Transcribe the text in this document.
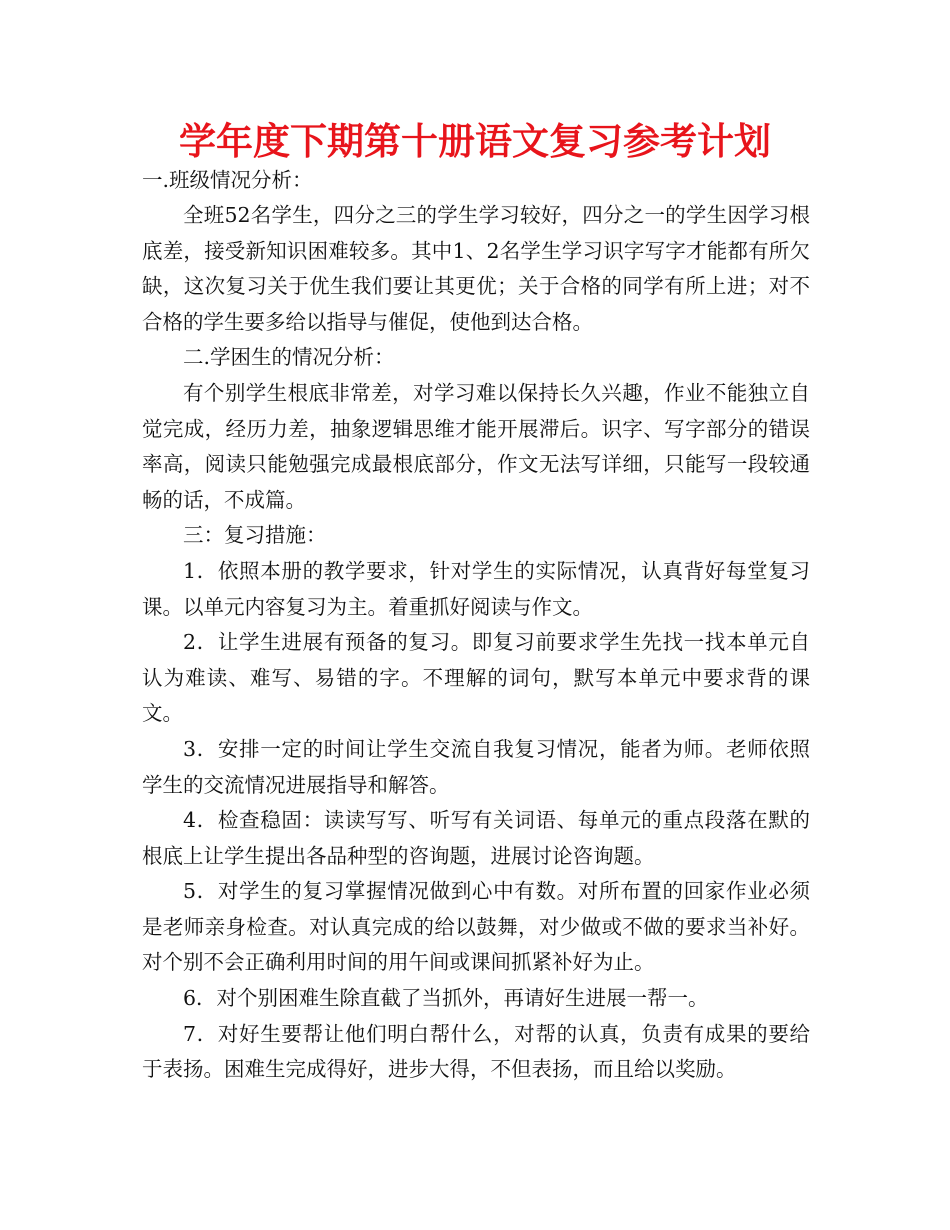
学年度下期第十册语文复习参考计划

一.班级情况分析：

全班52名学生，四分之三的学生学习较好，四分之一的学生因学习根底差，接受新知识困难较多。其中1、2名学生学习识字写字才能都有所欠缺，这次复习关于优生我们要让其更优；关于合格的同学有所上进；对不合格的学生要多给以指导与催促，使他到达合格。

二.学困生的情况分析：

有个别学生根底非常差，对学习难以保持长久兴趣，作业不能独立自觉完成，经历力差，抽象逻辑思维才能开展滞后。识字、写字部分的错误率高，阅读只能勉强完成最根底部分，作文无法写详细，只能写一段较通畅的话，不成篇。

三：复习措施：

1．依照本册的教学要求，针对学生的实际情况，认真背好每堂复习课。以单元内容复习为主。着重抓好阅读与作文。

2．让学生进展有预备的复习。即复习前要求学生先找一找本单元自认为难读、难写、易错的字。不理解的词句，默写本单元中要求背的课文。

3．安排一定的时间让学生交流自我复习情况，能者为师。老师依照学生的交流情况进展指导和解答。

4．检查稳固：读读写写、听写有关词语、每单元的重点段落在默的根底上让学生提出各品种型的咨询题，进展讨论咨询题。

5．对学生的复习掌握情况做到心中有数。对所布置的回家作业必须是老师亲身检查。对认真完成的给以鼓舞，对少做或不做的要求当补好。对个别不会正确利用时间的用午间或课间抓紧补好为止。

6．对个别困难生除直截了当抓外，再请好生进展一帮一。

7．对好生要帮让他们明白帮什么，对帮的认真，负责有成果的要给于表扬。困难生完成得好，进步大得，不但表扬，而且给以奖励。
